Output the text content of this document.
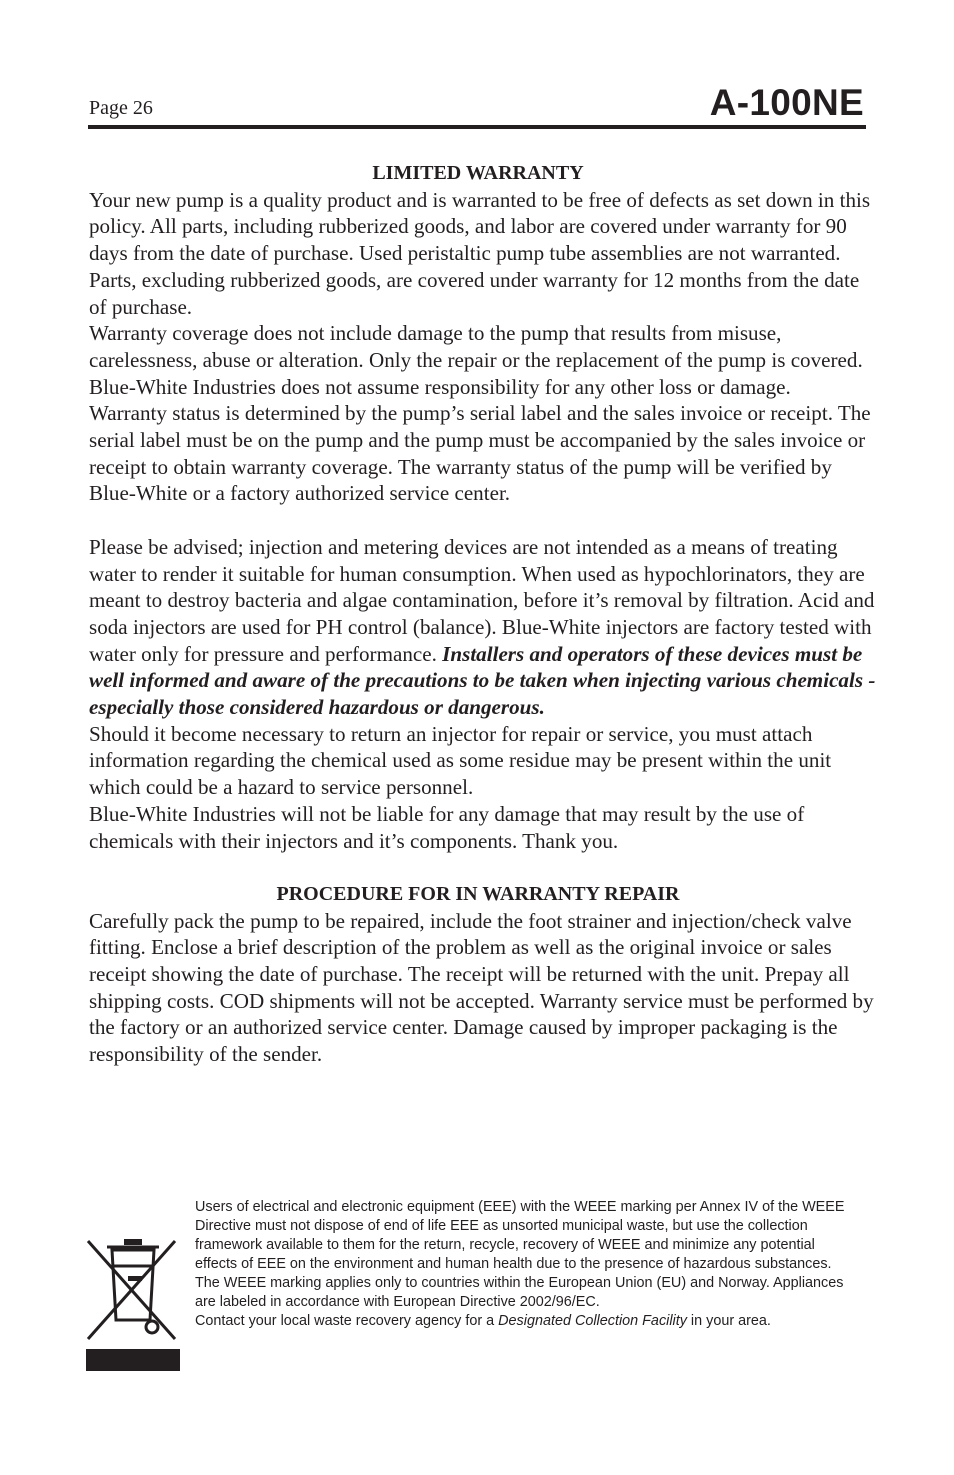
Page 26	A-100NE

LIMITED WARRANTY

Your new pump is a quality product and is warranted to be free of defects as set down in this policy. All parts, including rubberized goods, and labor are covered under warranty for 90 days from the date of purchase. Used peristaltic pump tube assemblies are not warranted. Parts, excluding rubberized goods, are covered under warranty for 12 months from the date of purchase.

Warranty coverage does not include damage to the pump that results from misuse, carelessness, abuse or alteration. Only the repair or the replacement of the pump is covered. Blue-White Industries does not assume responsibility for any other loss or damage.

Warranty status is determined by the pump’s serial label and the sales invoice or receipt. The serial label must be on the pump and the pump must be accompanied by the sales invoice or receipt to obtain warranty coverage. The warranty status of the pump will be verified by Blue-White or a factory authorized service center.

Please be advised; injection and metering devices are not intended as a means of treating water to render it suitable for human consumption. When used as hypochlorinators, they are meant to destroy bacteria and algae contamination, before it’s removal by filtration. Acid and soda injectors are used for PH control (balance). Blue-White injectors are factory tested with water only for pressure and performance. Installers and operators of these devices must be well informed and aware of the precautions to be taken when injecting various chemicals -especially those considered hazardous or dangerous.

Should it become necessary to return an injector for repair or service, you must attach information regarding the chemical used as some residue may be present within the unit which could be a hazard to service personnel.

Blue-White Industries will not be liable for any damage that may result by the use of chemicals with their injectors and it’s components. Thank you.

PROCEDURE FOR IN WARRANTY REPAIR

Carefully pack the pump to be repaired, include the foot strainer and injection/check valve fitting. Enclose a brief description of the problem as well as the original invoice or sales receipt showing the date of purchase. The receipt will be returned with the unit. Prepay all shipping costs. COD shipments will not be accepted. Warranty service must be performed by the factory or an authorized service center. Damage caused by improper packaging is the responsibility of the sender.

Users of electrical and electronic equipment (EEE) with the WEEE marking per Annex IV of the WEEE Directive must not dispose of end of life EEE as unsorted municipal waste, but use the collection framework available to them for the return, recycle, recovery of WEEE and minimize any potential effects of EEE on the environment and human health due to the presence of hazardous substances. The WEEE marking applies only to countries within the European Union (EU) and Norway. Appliances are labeled in accordance with European Directive 2002/96/EC.

Contact your local waste recovery agency for a Designated Collection Facility in your area.
